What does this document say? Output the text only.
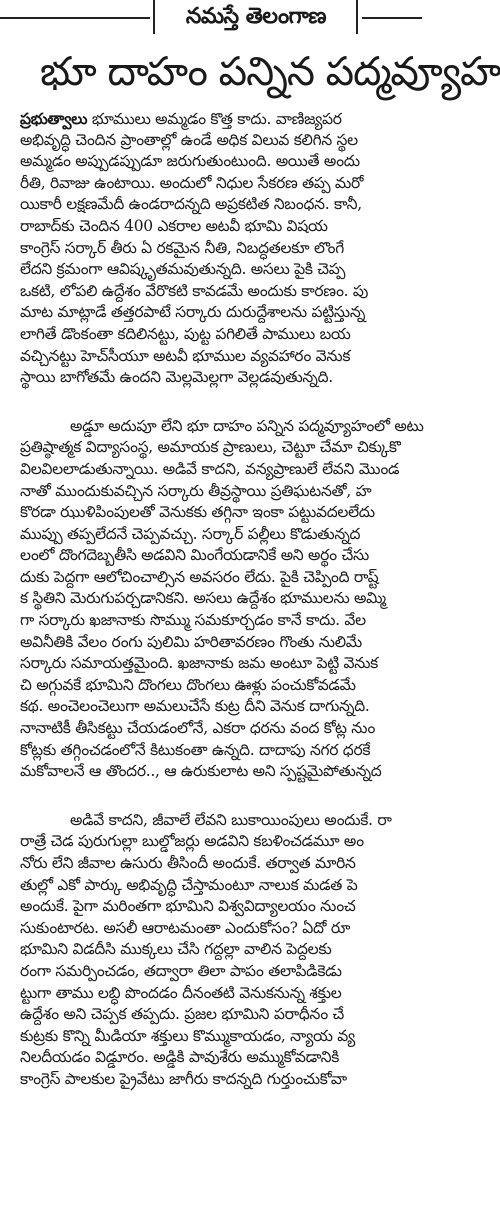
నమస్తే తెలంగాణ
భూ దాహం పన్నిన పద్మవ్యూహ
ప్రభుత్వాలు భూములు అమ్మడం కొత్త కాదు. వాణిజ్యపర
అభివృద్ధి చెందిన ప్రాంతాల్లో ఉండే అధిక విలువ కలిగిన స్థల
అమ్మడం అప్పుడప్పుడూ జరుగుతుంటుంది. అయితే అందు
రీతి, రివాజు ఉంటాయి. అందులో నిధుల సేకరణ తప్ప మరో
యికారీ లక్షణమేదీ ఉండరాదన్నది అప్రకటిత నిబంధన. కానీ,
రాబాద్‌కు చెందిన 400 ఎకరాల అటవీ భూమి విషయ
కాంగ్రెస్ సర్కార్ తీరు ఏ రకమైన నీతి, నిబద్ధతలకూ లొంగే
లేదని క్రమంగా ఆవిష్కృతమవుతున్నది. అసలు పైకి చెప్ప
ఒకటి, లోపలి ఉద్దేశం వేరొకటి కావడమే అందుకు కారణం. పు
మాట మాట్లాడే తత్తరపాటే సర్కారు దురుద్దేశాలను పట్టిస్తున్న
లాగితే డొంకంతా కదిలినట్టు, పుట్ట పగిలితే పాములు బయ
వచ్చినట్టు హెచ్‌సీయూ అటవీ భూముల వ్యవహారం వెనుక
స్థాయి బాగోతమే ఉందని మెల్లమెల్లగా వెల్లడవుతున్నది.
అడ్డూ అదుపూ లేని భూ దాహం పన్నిన పద్మవ్యూహంలో అటు
ప్రతిష్ఠాత్మక విద్యాసంస్థ, అమాయక ప్రాణులు, చెట్టూ చేమా చిక్కుకొ
విలవిలలాడుతున్నాయి. అడివే కాదని, వన్యప్రాణులే లేవని మొండ
నాతో ముందుకువచ్చిన సర్కారు తీవ్రస్థాయి ప్రతిఘటనతో, హ
కొరడా ఝుళిపింపులతో వెనుకకు తగ్గినా ఇంకా పట్టువదలలేదు
ముప్పు తప్పలేదనే చెప్పవచ్చు. సర్కార్ పల్లీలు కొడుతున్నద
లంలో దొంగదెబ్బతీసి అడవిని మింగేయడానికే అని అర్థం చేసు
దుకు పెద్దగా ఆలోచించాల్సిన అవసరం లేదు. పైకి చెప్పింది రాష్ట్
క స్థితిని మెరుగుపర్చడానికని. అసలు ఉద్దేశం భూములను అమ్మి
గా సర్కారు ఖజానాకు సొమ్ము సమకూర్చడం కానే కాదు. వేల
అవినీతికి వేలం రంగు పులిమి హరితావరణం గొంతు నులిమే
సర్కారు సమాయత్తమైంది. ఖజానాకు జమ అంటూ పెట్టి వెనుక
చి అగ్గువకే భూమిని దొంగలు దొంగలు ఊళ్లు పంచుకోవడమే
కథ. అంచెలంచెలుగా అమలుచేసే కుట్ర దీని వెనుక దాగున్నది.
నానాటికీ తీసికట్టు చేయడంలోనే, ఎకరా ధరను వంద కోట్ల నుం
కోట్లకు తగ్గించడంలోనే కిటుకంతా ఉన్నది. దాదాపు నగర ధరకే
మకోవాలనే ఆ తొందర.., ఆ ఉరుకులాట అని స్పష్టమైపోతున్నద
అడివే కాదని, జీవాలే లేవని బుకాయింపులు అందుకే. రా
రాత్రే చెడ పురుగుల్లా బుల్డోజర్లు అడవిని కబళించడమూ అం
నోరు లేని జీవాల ఉసురు తీసిందీ అందుకే. తర్వాత మారిన
తుల్లో ఎకో పార్కు అభివృద్ధి చేస్తామంటూ నాలుక మడత పె
అందుకే. పైగా మరింతగా భూమిని విశ్వవిద్యాలయం నుంచ
సుకుంటారట. అసలీ ఆరాటమంతా ఎందుకోసం? ఏదో రూ
భూమిని విడదీసి ముక్కలు చేసి గద్దల్లా వాలిన పెద్దలకు
రంగా సమర్పించడం, తద్వారా తిలా పాపం తలాపిడికెడు
ట్టుగా తాము లబ్ధి పొందడం దీనంతటి వెనుకనున్న శక్తుల
ఉద్దేశం అని చెప్పక తప్పదు. ప్రజల భూమిని పరాధీనం చే
కుట్రకు కొన్ని మీడియా శక్తులు కొమ్ముకాయడం, న్యాయ వ్య
నిలదీయడం విడ్డూరం. అడ్డికి పావుశేరు అమ్ముకోవడానికి
కాంగ్రెస్ పాలకుల ప్రైవేటు జాగీరు కాదన్నది గుర్తుంచుకోవా
